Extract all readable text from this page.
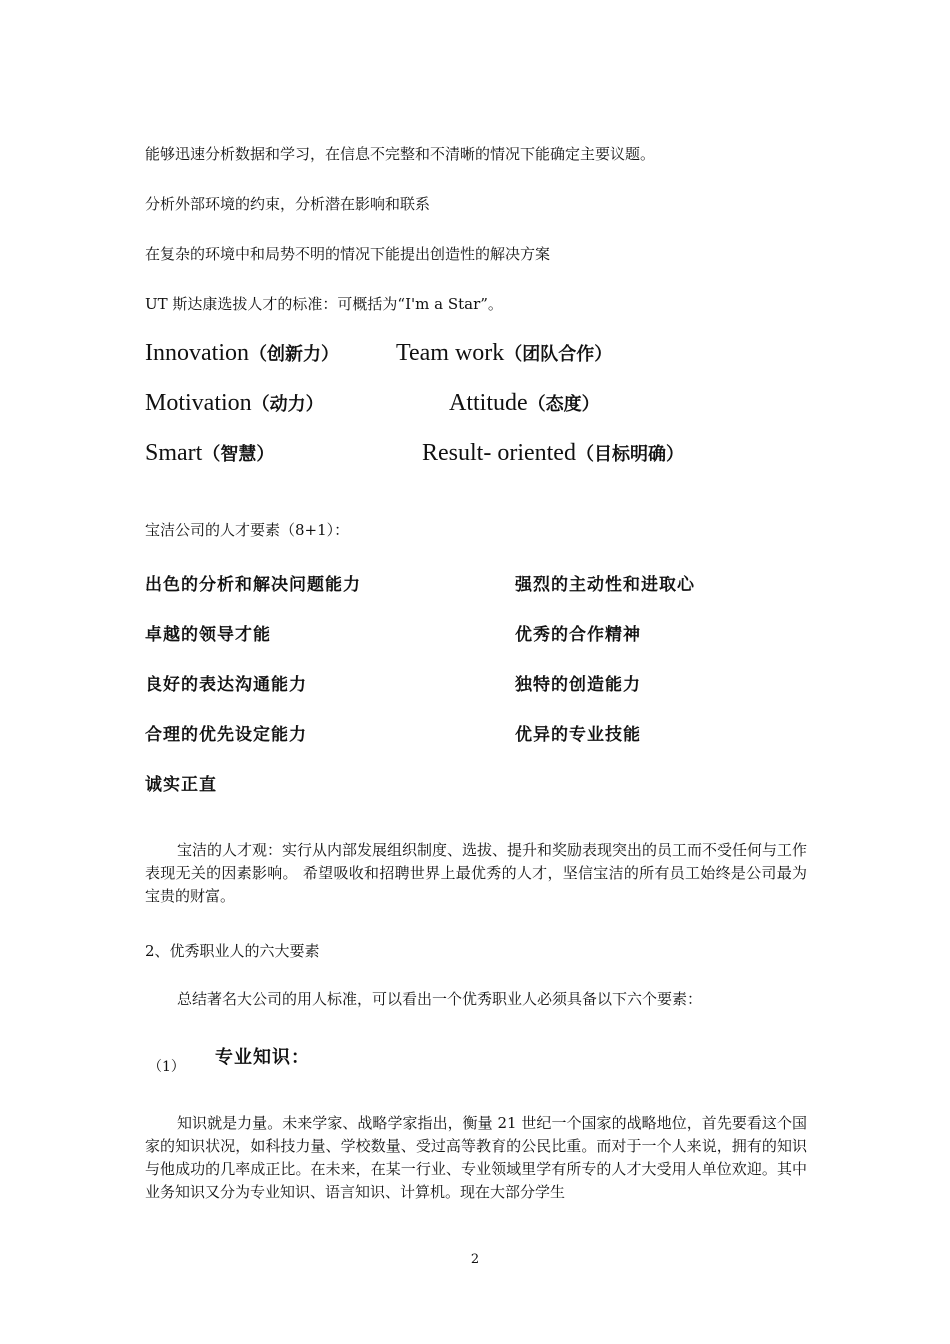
能够迅速分析数据和学习，在信息不完整和不清晰的情况下能确定主要议题。
分析外部环境的约束，分析潜在影响和联系
在复杂的环境中和局势不明的情况下能提出创造性的解决方案
UT 斯达康选拔人才的标准：可概括为“I'm a Star”。
Innovation（创新力） Team work（团队合作）
Motivation（动力）	Attitude（态度）
Smart（智慧）	Result- oriented（目标明确）
宝洁公司的人才要素（8+1）：
出色的分析和解决问题能力	强烈的主动性和进取心
卓越的领导才能	优秀的合作精神
良好的表达沟通能力	独特的创造能力
合理的优先设定能力	优异的专业技能
诚实正直
宝洁的人才观：实行从内部发展组织制度、选拔、提升和奖励表现突出的员工而不受任何与工作表现无关的因素影响。 希望吸收和招聘世界上最优秀的人才，坚信宝洁的所有员工始终是公司最为宝贵的财富。
2、优秀职业人的六大要素
总结著名大公司的用人标准，可以看出一个优秀职业人必须具备以下六个要素：
（1） 专业知识：
知识就是力量。未来学家、战略学家指出，衡量 21 世纪一个国家的战略地位，首先要看这个国家的知识状况，如科技力量、学校数量、受过高等教育的公民比重。而对于一个人来说，拥有的知识与他成功的几率成正比。在未来，在某一行业、专业领域里学有所专的人才大受用人单位欢迎。其中业务知识又分为专业知识、语言知识、计算机。现在大部分学生
2
